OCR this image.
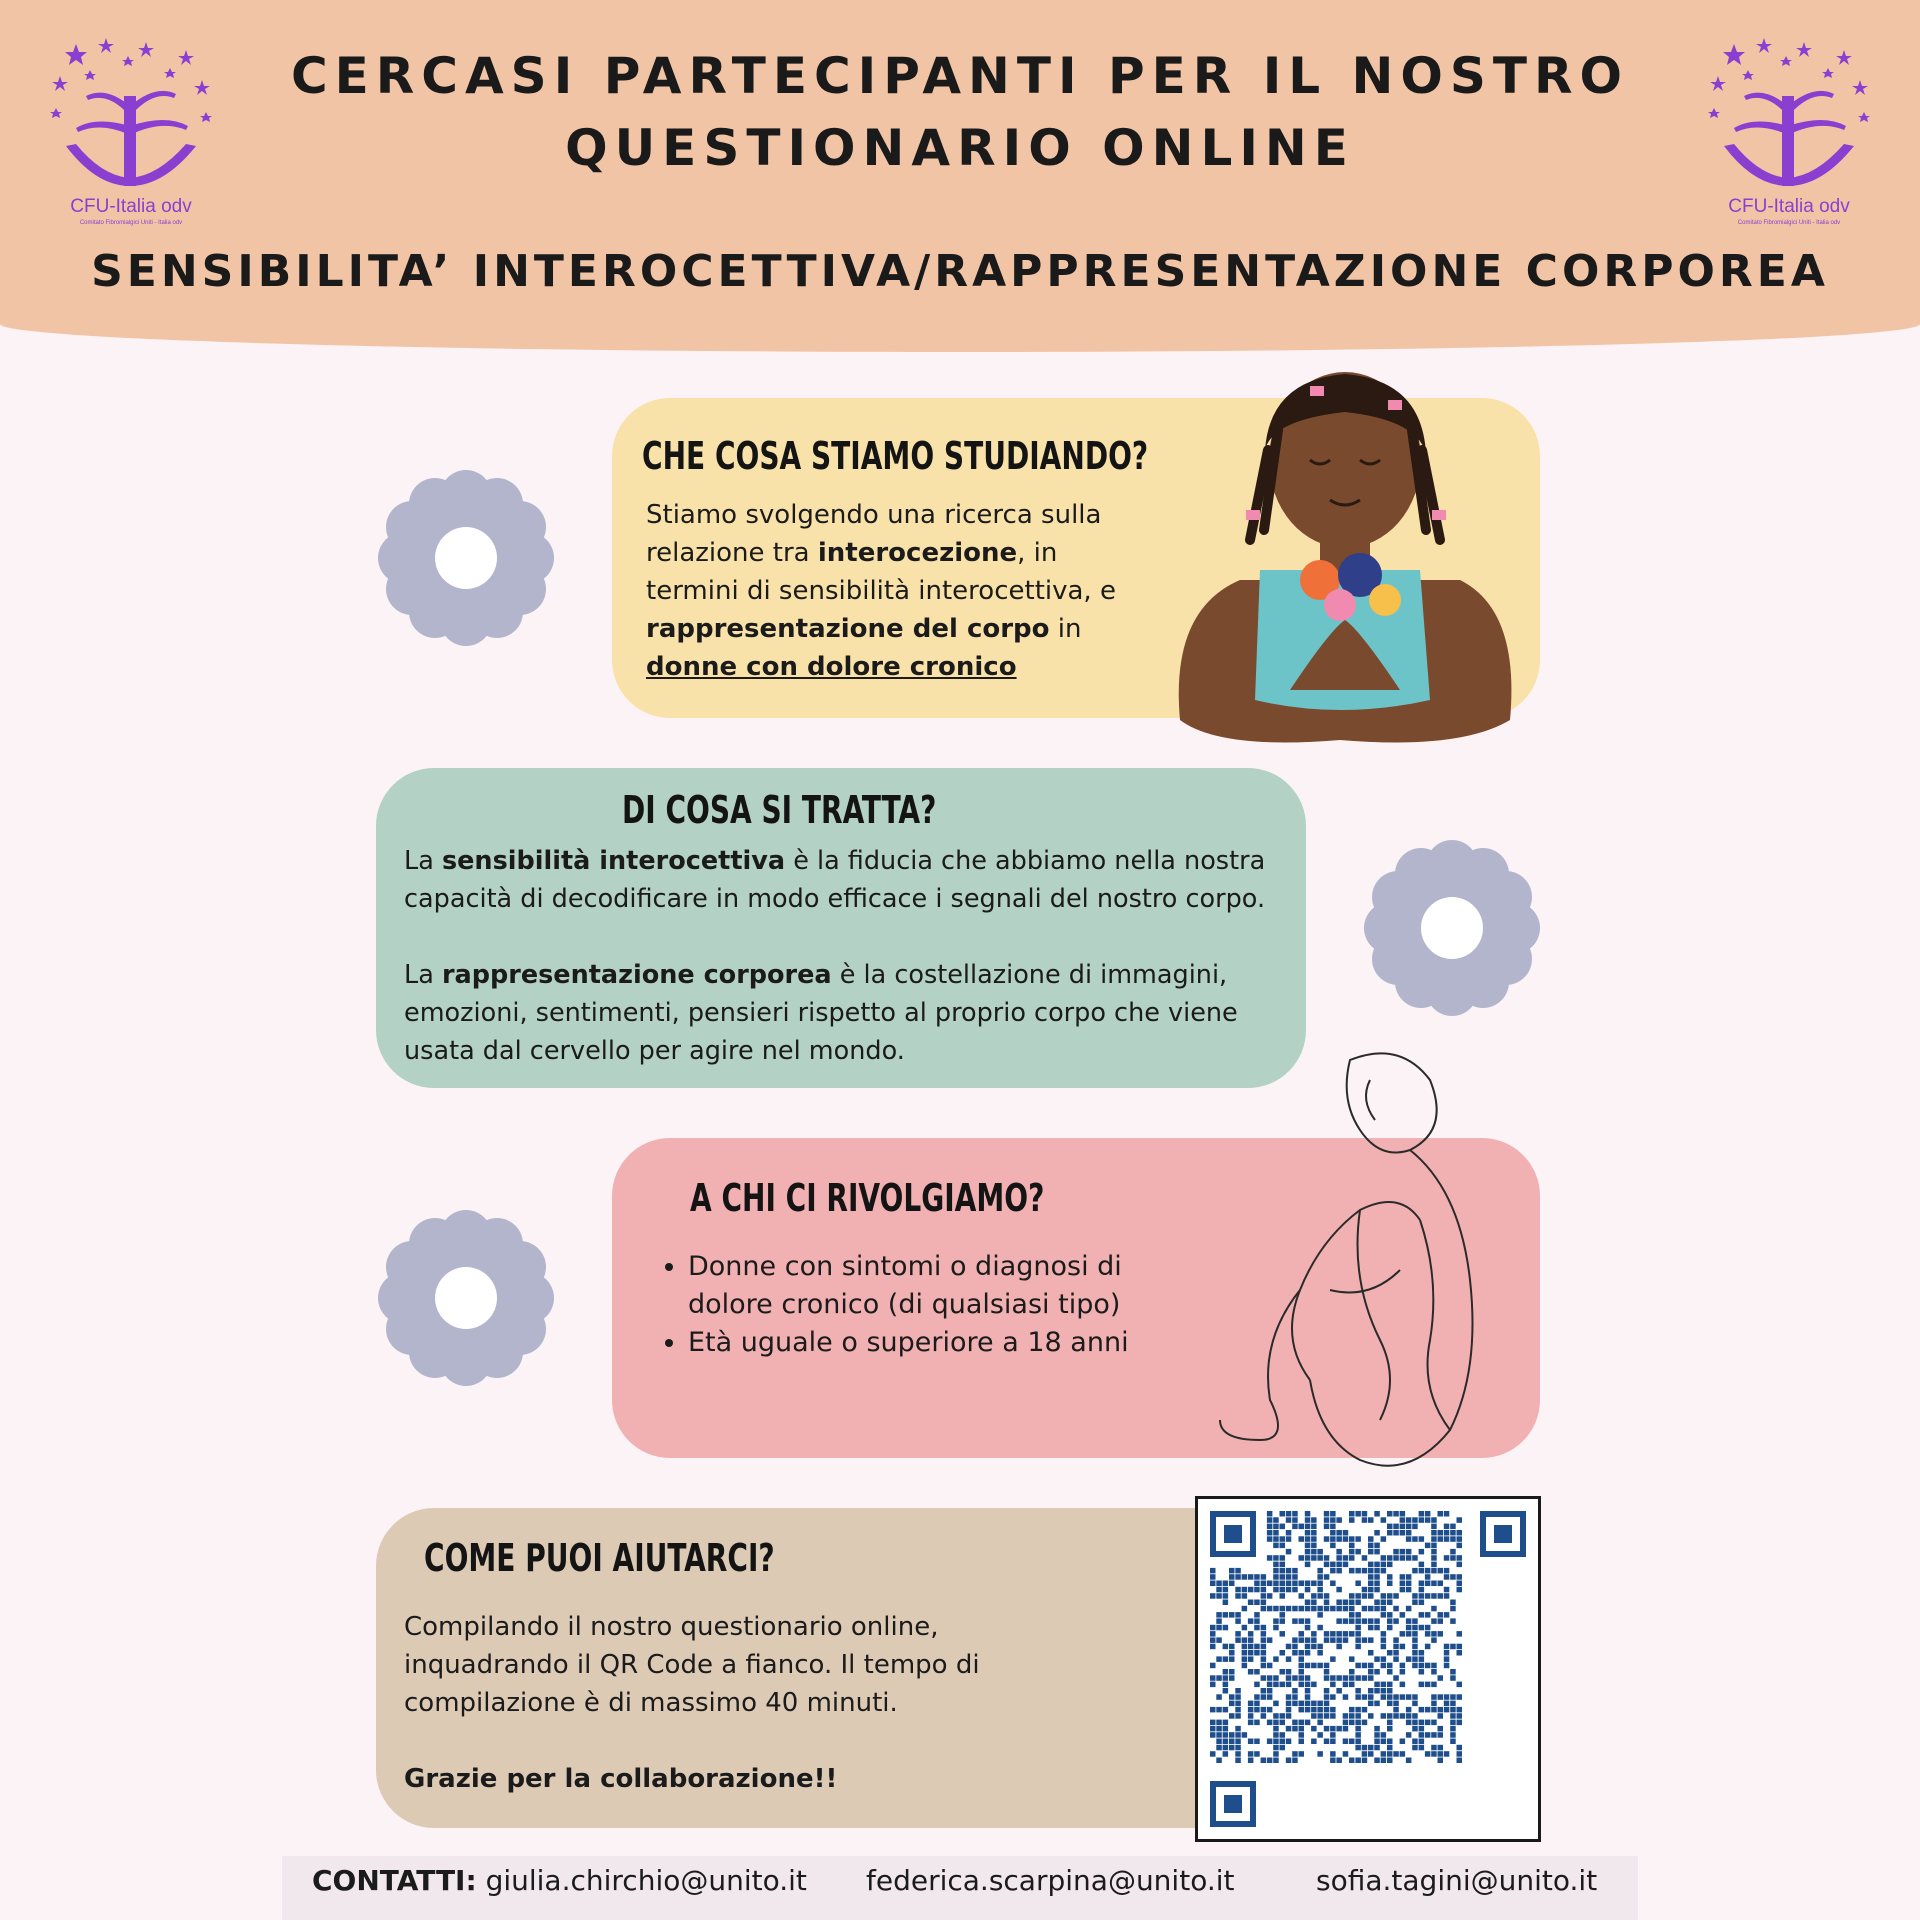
CFU-Italia odv
Comitato Fibromialgici Uniti - Italia odv
CFU-Italia odv
Comitato Fibromialgici Uniti - Italia odv
CERCASI PARTECIPANTI PER IL NOSTRO
QUESTIONARIO ONLINE
SENSIBILITA’ INTEROCETTIVA/RAPPRESENTAZIONE CORPOREA
CHE COSA STIAMO STUDIANDO?
Stiamo svolgendo una ricerca sulla
relazione tra interocezione, in
termini di sensibilità interocettiva, e
rappresentazione del corpo in
donne con dolore cronico
DI COSA SI TRATTA?
La sensibilità interocettiva è la fiducia che abbiamo nella nostra
capacità di decodificare in modo efficace i segnali del nostro corpo.
La rappresentazione corporea è la costellazione di immagini,
emozioni, sentimenti, pensieri rispetto al proprio corpo che viene
usata dal cervello per agire nel mondo.
A CHI CI RIVOLGIAMO?
• Donne con sintomi o diagnosi di
dolore cronico (di qualsiasi tipo)
• Età uguale o superiore a 18 anni
COME PUOI AIUTARCI?
Compilando il nostro questionario online,
inquadrando il QR Code a fianco. Il tempo di
compilazione è di massimo 40 minuti.
Grazie per la collaborazione!!
CONTATTI: giulia.chirchio@unito.it federica.scarpina@unito.it	sofia.tagini@unito.it
